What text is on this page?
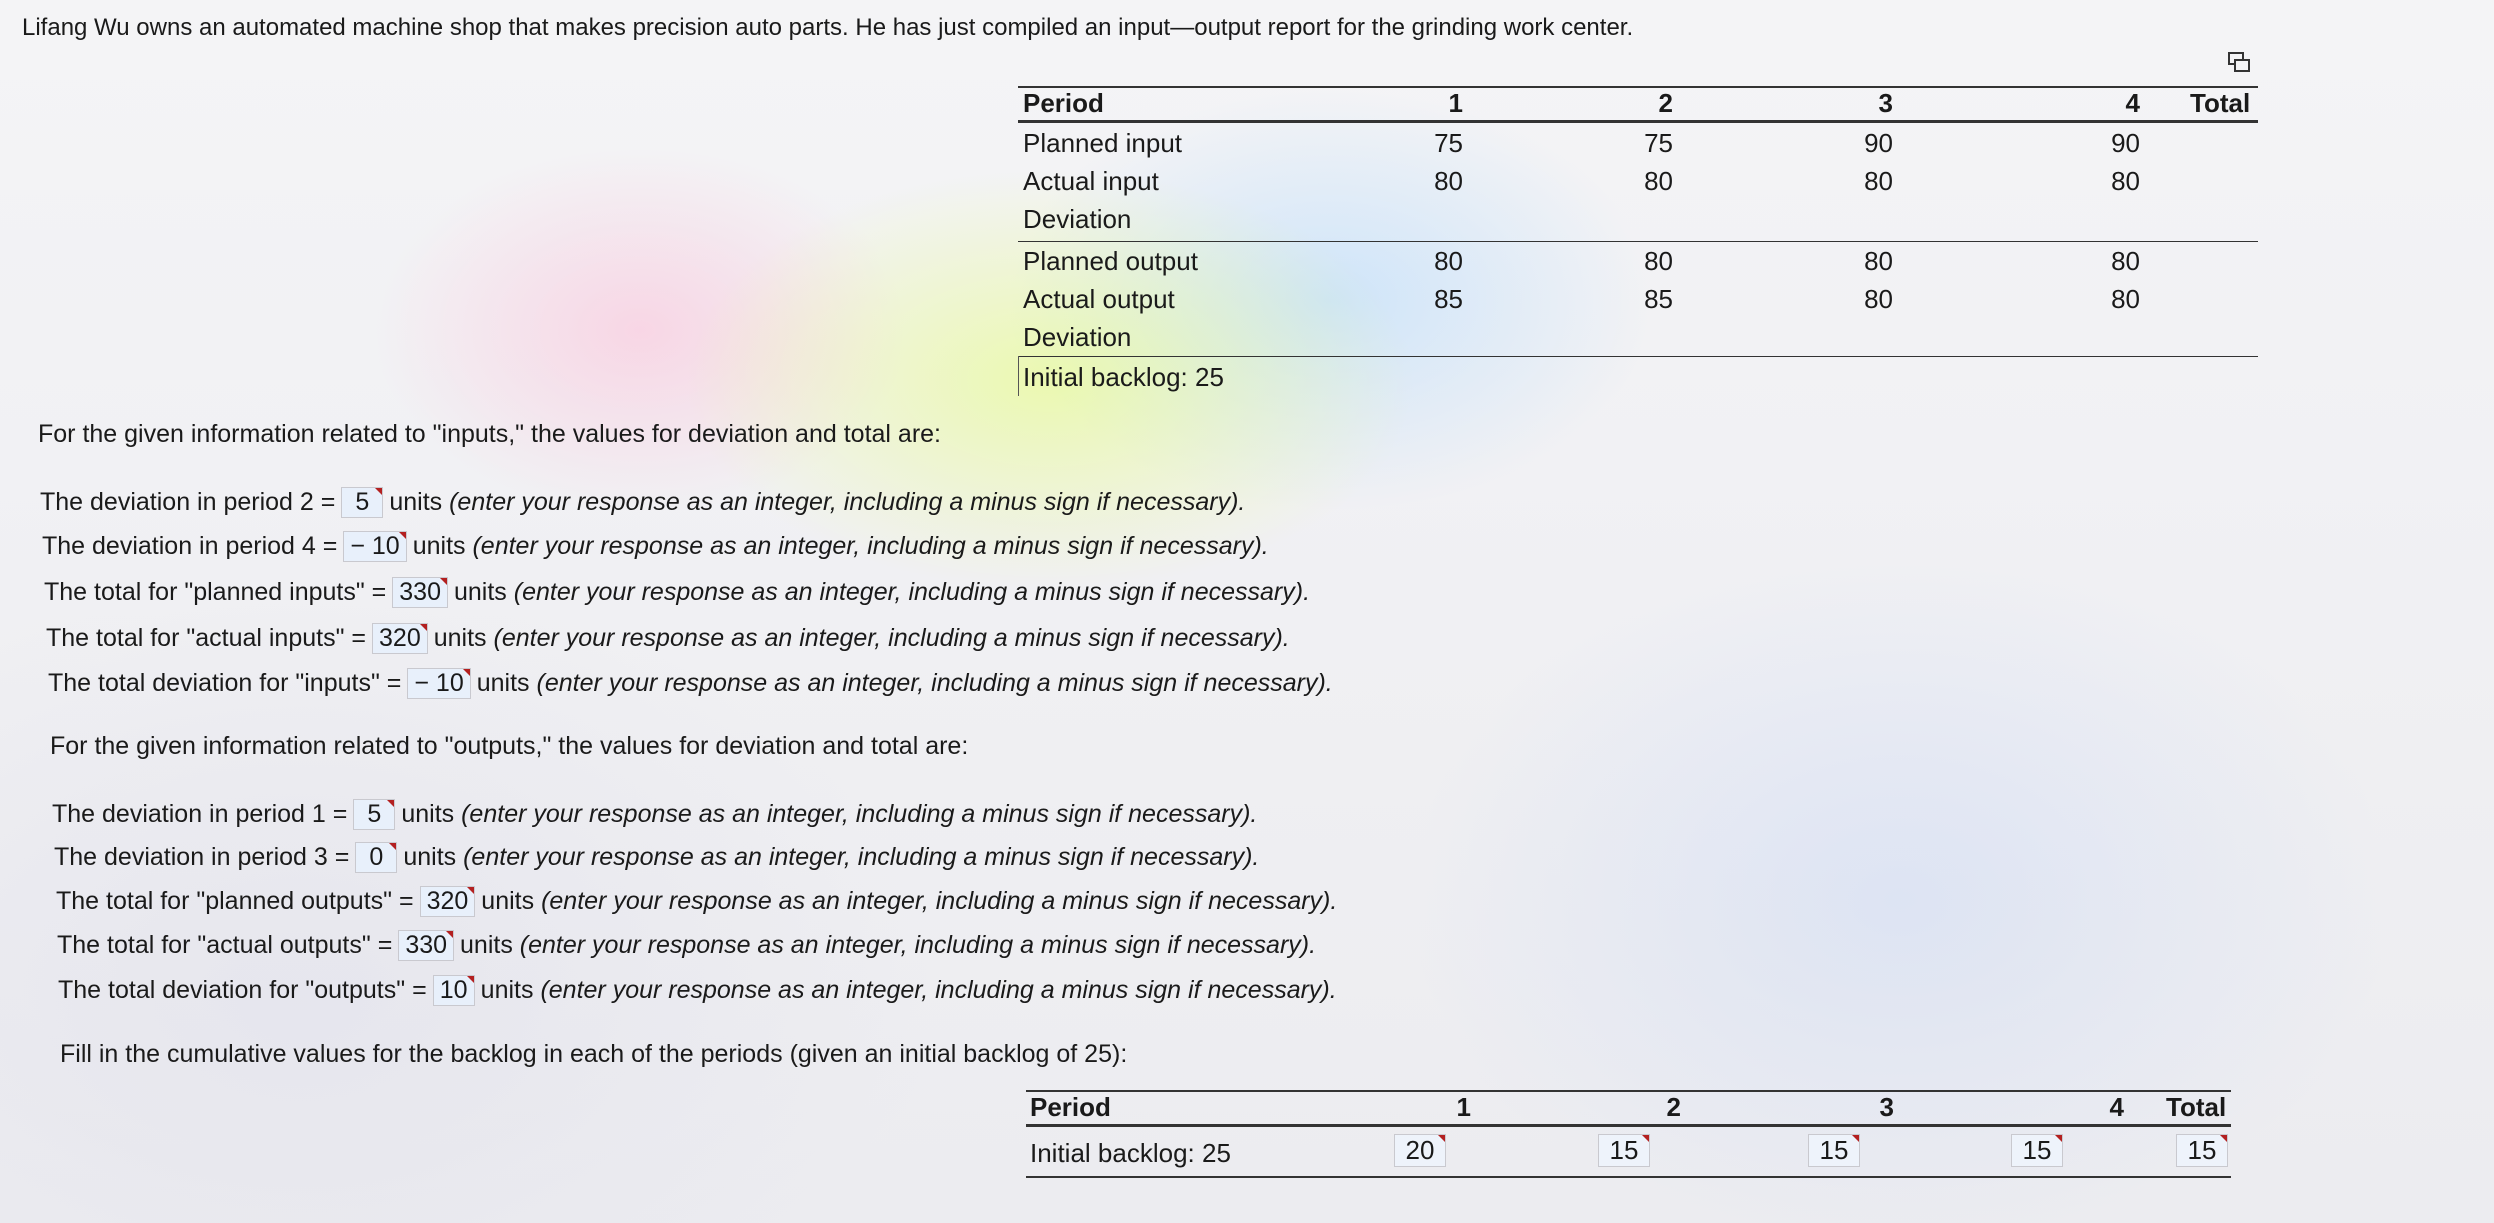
Lifang Wu owns an automated machine shop that makes precision auto parts. He has just compiled an input—output report for the grinding work center.
Period	1	2	3	4 Total
Planned input	75	75	90	90
Actual input	80	80	80	80
Deviation
Planned output	80	80	80	80
Actual output	85	85	80	80
Deviation
Initial backlog: 25
For the given information related to "inputs," the values for deviation and total are:
The deviation in period 2 = 5 units (enter your response as an integer, including a minus sign if necessary).
The deviation in period 4 = − 10 units (enter your response as an integer, including a minus sign if necessary).
The total for "planned inputs" = 330 units (enter your response as an integer, including a minus sign if necessary).
The total for "actual inputs" = 320 units (enter your response as an integer, including a minus sign if necessary).
The total deviation for "inputs" = − 10 units (enter your response as an integer, including a minus sign if necessary).
For the given information related to "outputs," the values for deviation and total are:
The deviation in period 1 = 5 units (enter your response as an integer, including a minus sign if necessary).
The deviation in period 3 = 0 units (enter your response as an integer, including a minus sign if necessary).
The total for "planned outputs" = 320 units (enter your response as an integer, including a minus sign if necessary).
The total for "actual outputs" = 330 units (enter your response as an integer, including a minus sign if necessary).
The total deviation for "outputs" = 10 units (enter your response as an integer, including a minus sign if necessary).
Fill in the cumulative values for the backlog in each of the periods (given an initial backlog of 25):
Period	1	2	3	4 Total
Initial backlog: 25	20	15	15	15	15
